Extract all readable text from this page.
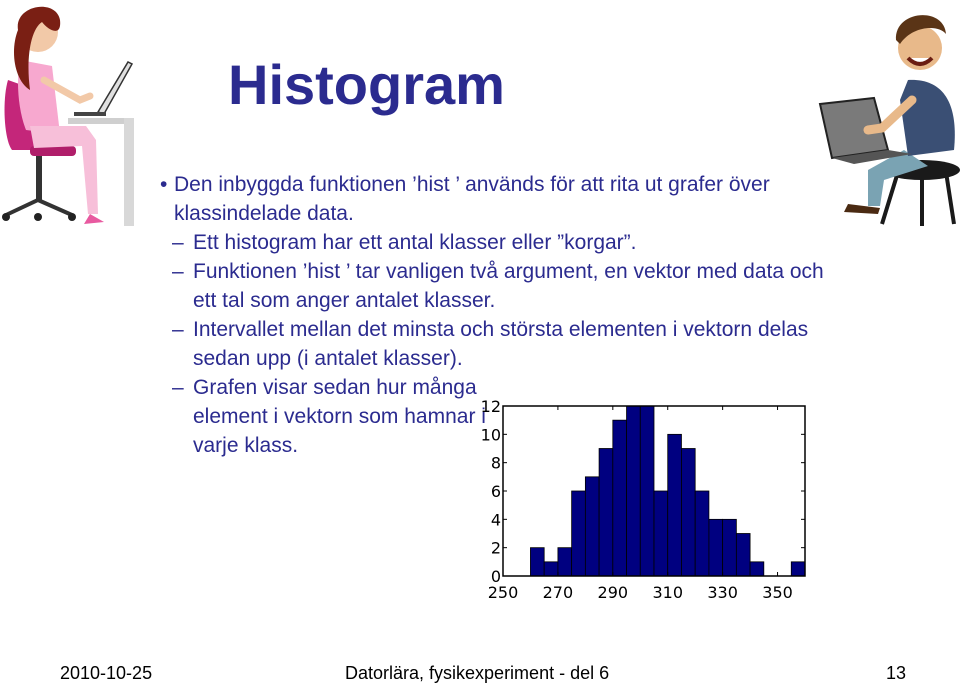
Histogram
• Den inbyggda funktionen ’hist ’ används för att rita ut grafer över klassindelade data.
– Ett histogram har ett antal klasser eller ”korgar”.
– Funktionen ’hist ’ tar vanligen två argument, en vektor med data och ett tal som anger antalet klasser.
– Intervallet mellan det minsta och största elementen i vektorn delas sedan upp (i antalet klasser).
– Grafen visar sedan hur många element i vektorn som hamnar i varje klass.
0
2
4
6
8
10
12
250 270 290 310 330 350
2010-10-25	Datorlära, fysikexperiment - del 6	13
